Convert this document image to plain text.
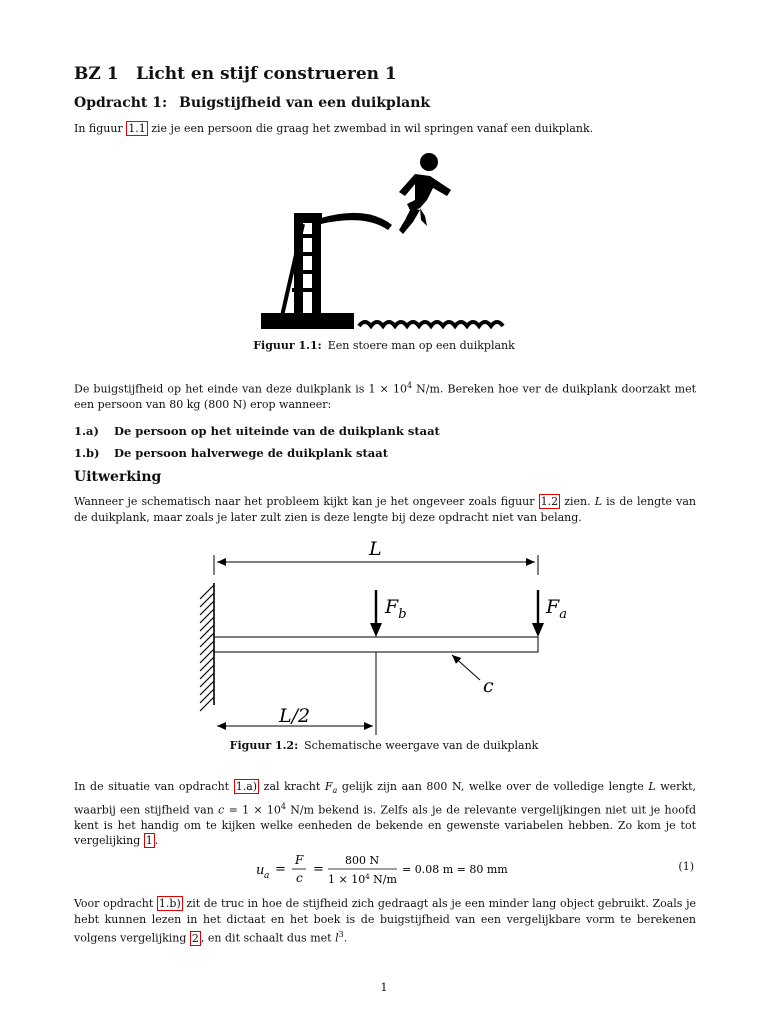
BZ 1 Licht en stijf construeren 1
Opdracht 1: Buigstijfheid van een duikplank
In figuur 1.1 zie je een persoon die graag het zwembad in wil springen vanaf een duikplank.
Figuur 1.1: Een stoere man op een duikplank
De buigstijfheid op het einde van deze duikplank is $1 \times 10^4$ N/m. Bereken hoe ver de duikplank doorzakt met een persoon van 80 kg (800 N) erop wanneer:
1.a) De persoon op het uiteinde van de duikplank staat
1.b) De persoon halverwege de duikplank staat
Uitwerking
Wanneer je schematisch naar het probleem kijkt kan je het ongeveer zoals figuur 1.2 zien. L is de lengte van de duikplank, maar zoals je later zult zien is deze lengte bij deze opdracht niet van belang.
L
L/2
$F_b$	$F_a$
c
Figuur 1.2: Schematische weergave van de duikplank
In de situatie van opdracht 1.a) zal kracht $F_a$ gelijk zijn aan 800 N, welke over de volledige lengte L werkt, waarbij een stijfheid van $c = 1 \times 10^4$ N/m bekend is. Zelfs als je de relevante vergelijkingen niet uit je hoofd kent is het handig om te kijken welke eenheden de bekende en gewenste variabelen hebben. Zo kom je tot vergelijking 1 .
u a =
F
c
=
800 N
$1 \times 10^4$ N/m
= 0.08 m = 80 mm	(1)
Voor opdracht 1.b) zit de truc in hoe de stijfheid zich gedraagt als je een minder lang object gebruikt. Zoals je hebt kunnen lezen in het dictaat en het boek is de buigstijfheid van een vergelijkbare vorm te berekenen volgens vergelijking 2 , en dit schaalt dus met $l^3$.
1
